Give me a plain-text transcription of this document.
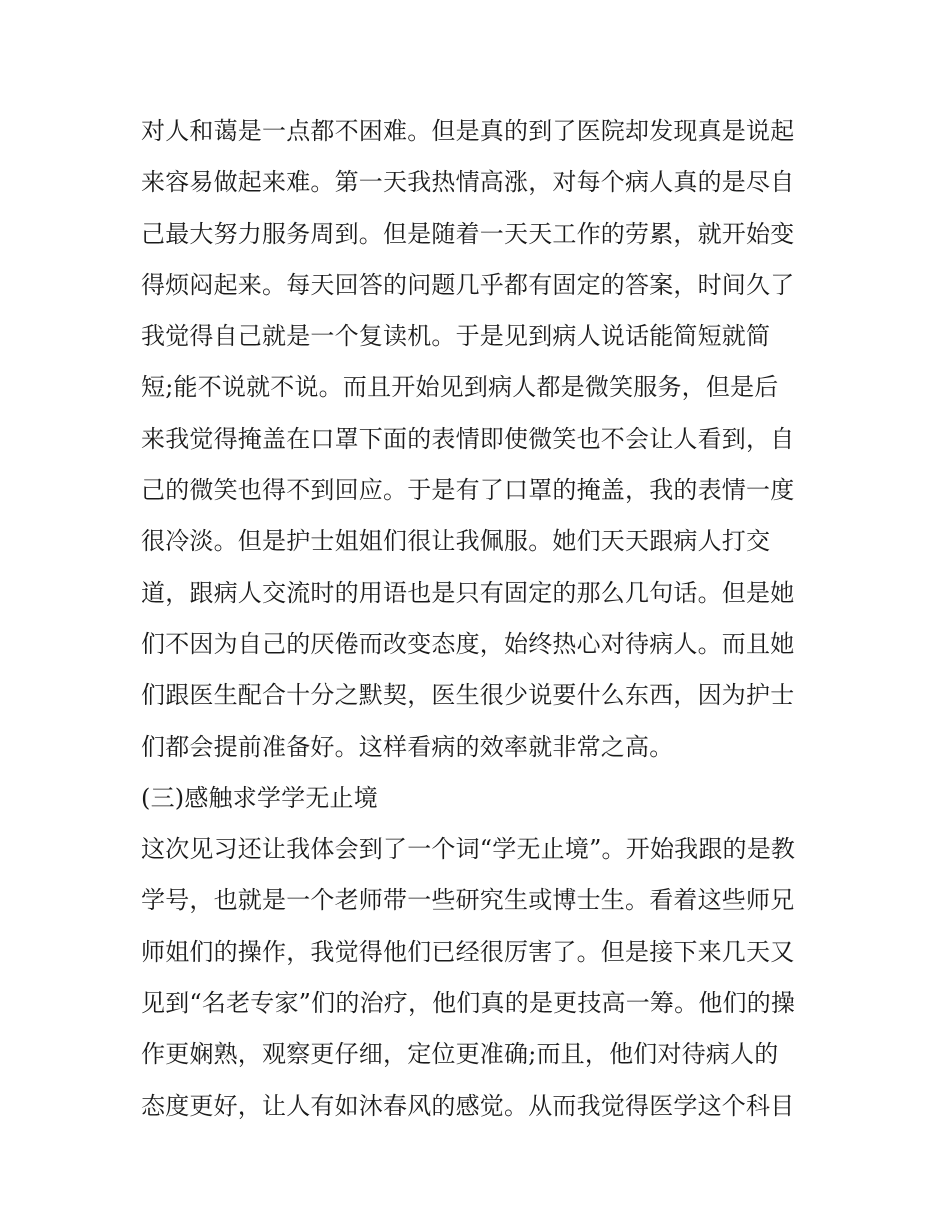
对人和蔼是一点都不困难。但是真的到了医院却发现真是说起
来容易做起来难。第一天我热情高涨，对每个病人真的是尽自
己最大努力服务周到。但是随着一天天工作的劳累，就开始变
得烦闷起来。每天回答的问题几乎都有固定的答案，时间久了
我觉得自己就是一个复读机。于是见到病人说话能简短就简
短;能不说就不说。而且开始见到病人都是微笑服务，但是后
来我觉得掩盖在口罩下面的表情即使微笑也不会让人看到，自
己的微笑也得不到回应。于是有了口罩的掩盖，我的表情一度
很冷淡。但是护士姐姐们很让我佩服。她们天天跟病人打交
道，跟病人交流时的用语也是只有固定的那么几句话。但是她
们不因为自己的厌倦而改变态度，始终热心对待病人。而且她
们跟医生配合十分之默契，医生很少说要什么东西，因为护士
们都会提前准备好。这样看病的效率就非常之高。
(三)感触求学学无止境
这次见习还让我体会到了一个词“学无止境”。开始我跟的是教
学号，也就是一个老师带一些研究生或博士生。看着这些师兄
师姐们的操作，我觉得他们已经很厉害了。但是接下来几天又
见到“名老专家”们的治疗，他们真的是更技高一筹。他们的操
作更娴熟，观察更仔细，定位更准确;而且，他们对待病人的
态度更好，让人有如沐春风的感觉。从而我觉得医学这个科目
